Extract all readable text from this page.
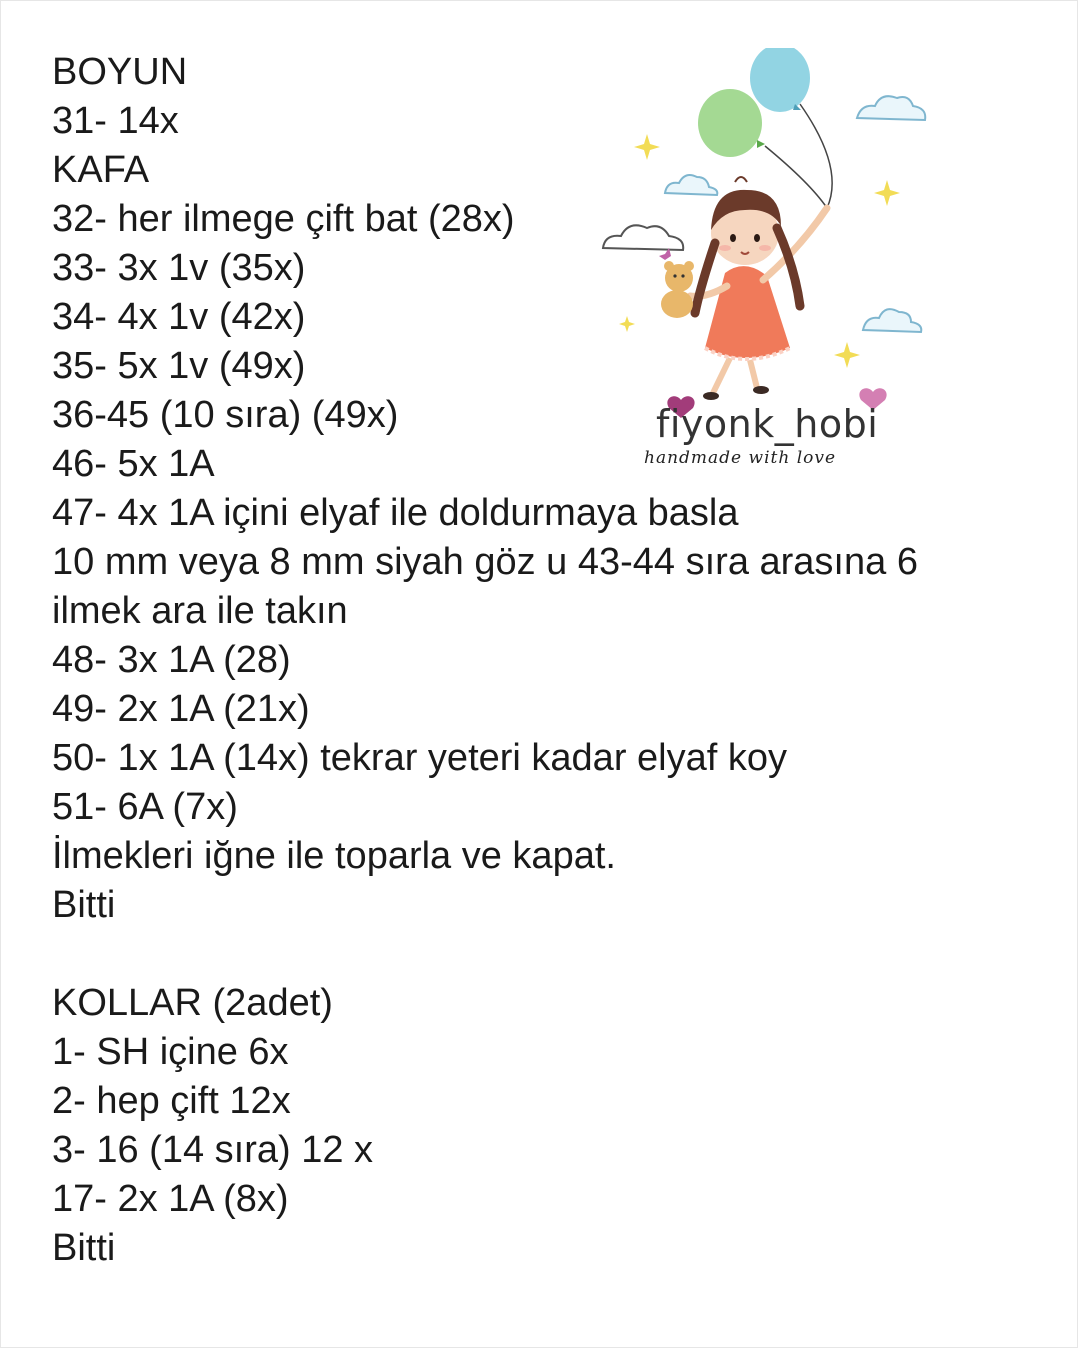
BOYUN
31- 14x
KAFA
32- her ilmege çift bat (28x)
33- 3x 1v (35x)
34- 4x 1v (42x)
35- 5x 1v (49x)
36-45 (10 sıra) (49x)
46- 5x 1A
47- 4x 1A içini elyaf ile doldurmaya basla
10 mm veya 8 mm siyah göz u 43-44 sıra arasına 6
ilmek ara ile takın
48- 3x 1A (28)
49- 2x 1A (21x)
50- 1x 1A (14x) tekrar yeteri kadar elyaf koy
51- 6A (7x)
İlmekleri iğne ile toparla ve kapat.
Bitti
KOLLAR (2adet)
1- SH içine 6x
2- hep çift 12x
3- 16 (14 sıra) 12 x
17- 2x 1A (8x)
Bitti
fiyonk_hobi
handmade with love
